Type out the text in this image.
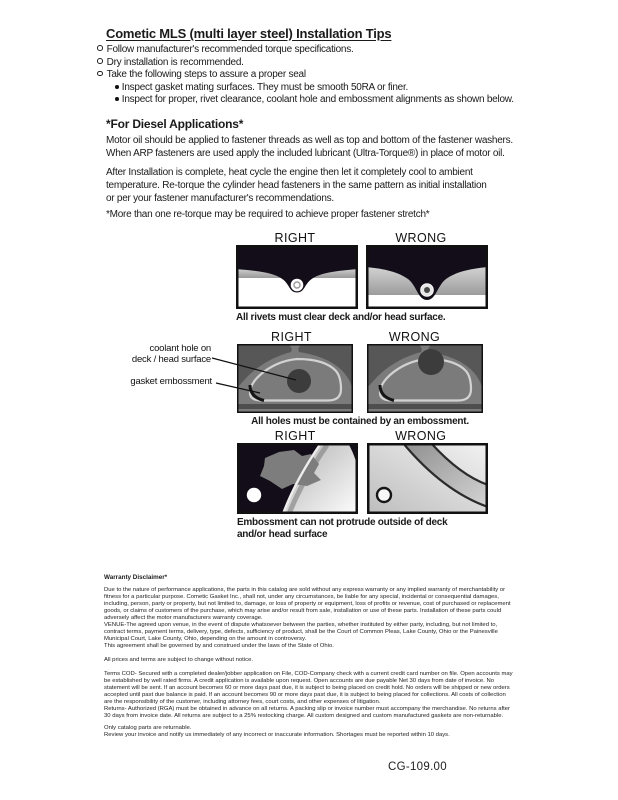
Cometic MLS (multi layer steel) Installation Tips
Follow manufacturer's recommended torque specifications.
Dry installation is recommended.
Take the following steps to assure a proper seal
Inspect gasket mating surfaces. They must be smooth 50RA or finer.
Inspect for proper, rivet clearance, coolant hole and embossment alignments as shown below.
*For Diesel Applications*
Motor oil should be applied to fastener threads as well as top and bottom of the fastener washers.
When ARP fasteners are used apply the included lubricant (Ultra-Torque®) in place of motor oil.
After Installation is complete, heat cycle the engine then let it completely cool to ambient
temperature. Re-torque the cylinder head fasteners in the same pattern as initial installation
or per your fastener manufacturer's recommendations.
*More than one re-torque may be required to achieve proper fastener stretch*
RIGHT	WRONG
All rivets must clear deck and/or head surface.
RIGHT	WRONG
All holes must be contained by an embossment.
coolant hole on
deck / head surface
gasket embossment
RIGHT	WRONG
Embossment can not protrude outside of deck
and/or head surface
Warranty Disclaimer*
Due to the nature of performance applications, the parts in this catalog are sold without any express warranty or any implied warranty of merchantability or
fitness for a particular purpose. Cometic Gasket Inc., shall not, under any circumstances, be liable for any special, incidental or consequential damages,
including, person, party or property, but not limited to, damage, or loss of property or equipment, loss of profits or revenue, cost of purchased or replacement
goods, or claims of customers of the purchase, which may arise and/or result from sale, installation or use of these parts. Installation of these parts could
adversely affect the motor manufacturers warranty coverage.
VENUE-The agreed upon venue, in the event of dispute whatsoever between the parties, whether instituted by either party, including, but not limited to,
contract terms, payment terms, delivery, type, defects, sufficiency of product, shall be the Court of Common Pleas, Lake County, Ohio or the Painesville
Municipal Court, Lake County, Ohio, depending on the amount in controversy.
This agreement shall be governed by and construed under the laws of the State of Ohio.
All prices and terms are subject to change without notice.
Terms COD- Secured with a completed dealer/jobber application on File, COD-Company check with a current credit card number on file. Open accounts may
be established by well rated firms. A credit application is available upon request. Open accounts are due payable Net 30 days from date of invoice. No
statement will be sent. If an account becomes 60 or more days past due, it is subject to being placed on credit hold. No orders will be shipped or new orders
accepted until past due balance is paid. If an account becomes 90 or more days past due, it is subject to being placed for collections. All costs of collection
are the responsibility of the customer, including attorney fees, court costs, and other expenses of litigation.
Returns- Authorized (RGA) must be obtained in advance on all returns. A packing slip or invoice number must accompany the merchandise. No returns after
30 days from invoice date. All returns are subject to a 25% restocking charge. All custom designed and custom manufactured gaskets are non-returnable.
Only catalog parts are returnable.
Review your invoice and notify us immediately of any incorrect or inaccurate information. Shortages must be reported within 10 days.
CG-109.00
